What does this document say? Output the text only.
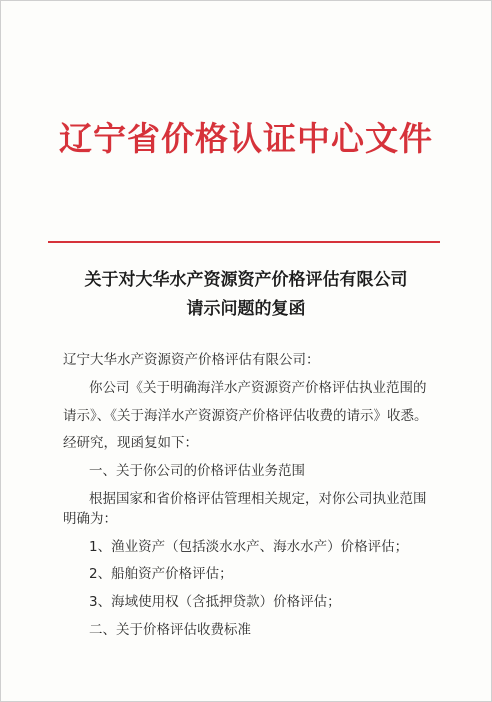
辽宁省价格认证中心文件
关于对大华水产资源资产价格评估有限公司
请示问题的复函
辽宁大华水产资源资产价格评估有限公司：
你公司《关于明确海洋水产资源资产价格评估执业范围的
请示》、《关于海洋水产资源资产价格评估收费的请示》收悉。
经研究，现函复如下：
一、关于你公司的价格评估业务范围
根据国家和省价格评估管理相关规定，对你公司执业范围
明确为：
1、渔业资产（包括淡水水产、海水水产）价格评估；
2、船舶资产价格评估；
3、海域使用权（含抵押贷款）价格评估；
二、关于价格评估收费标准
